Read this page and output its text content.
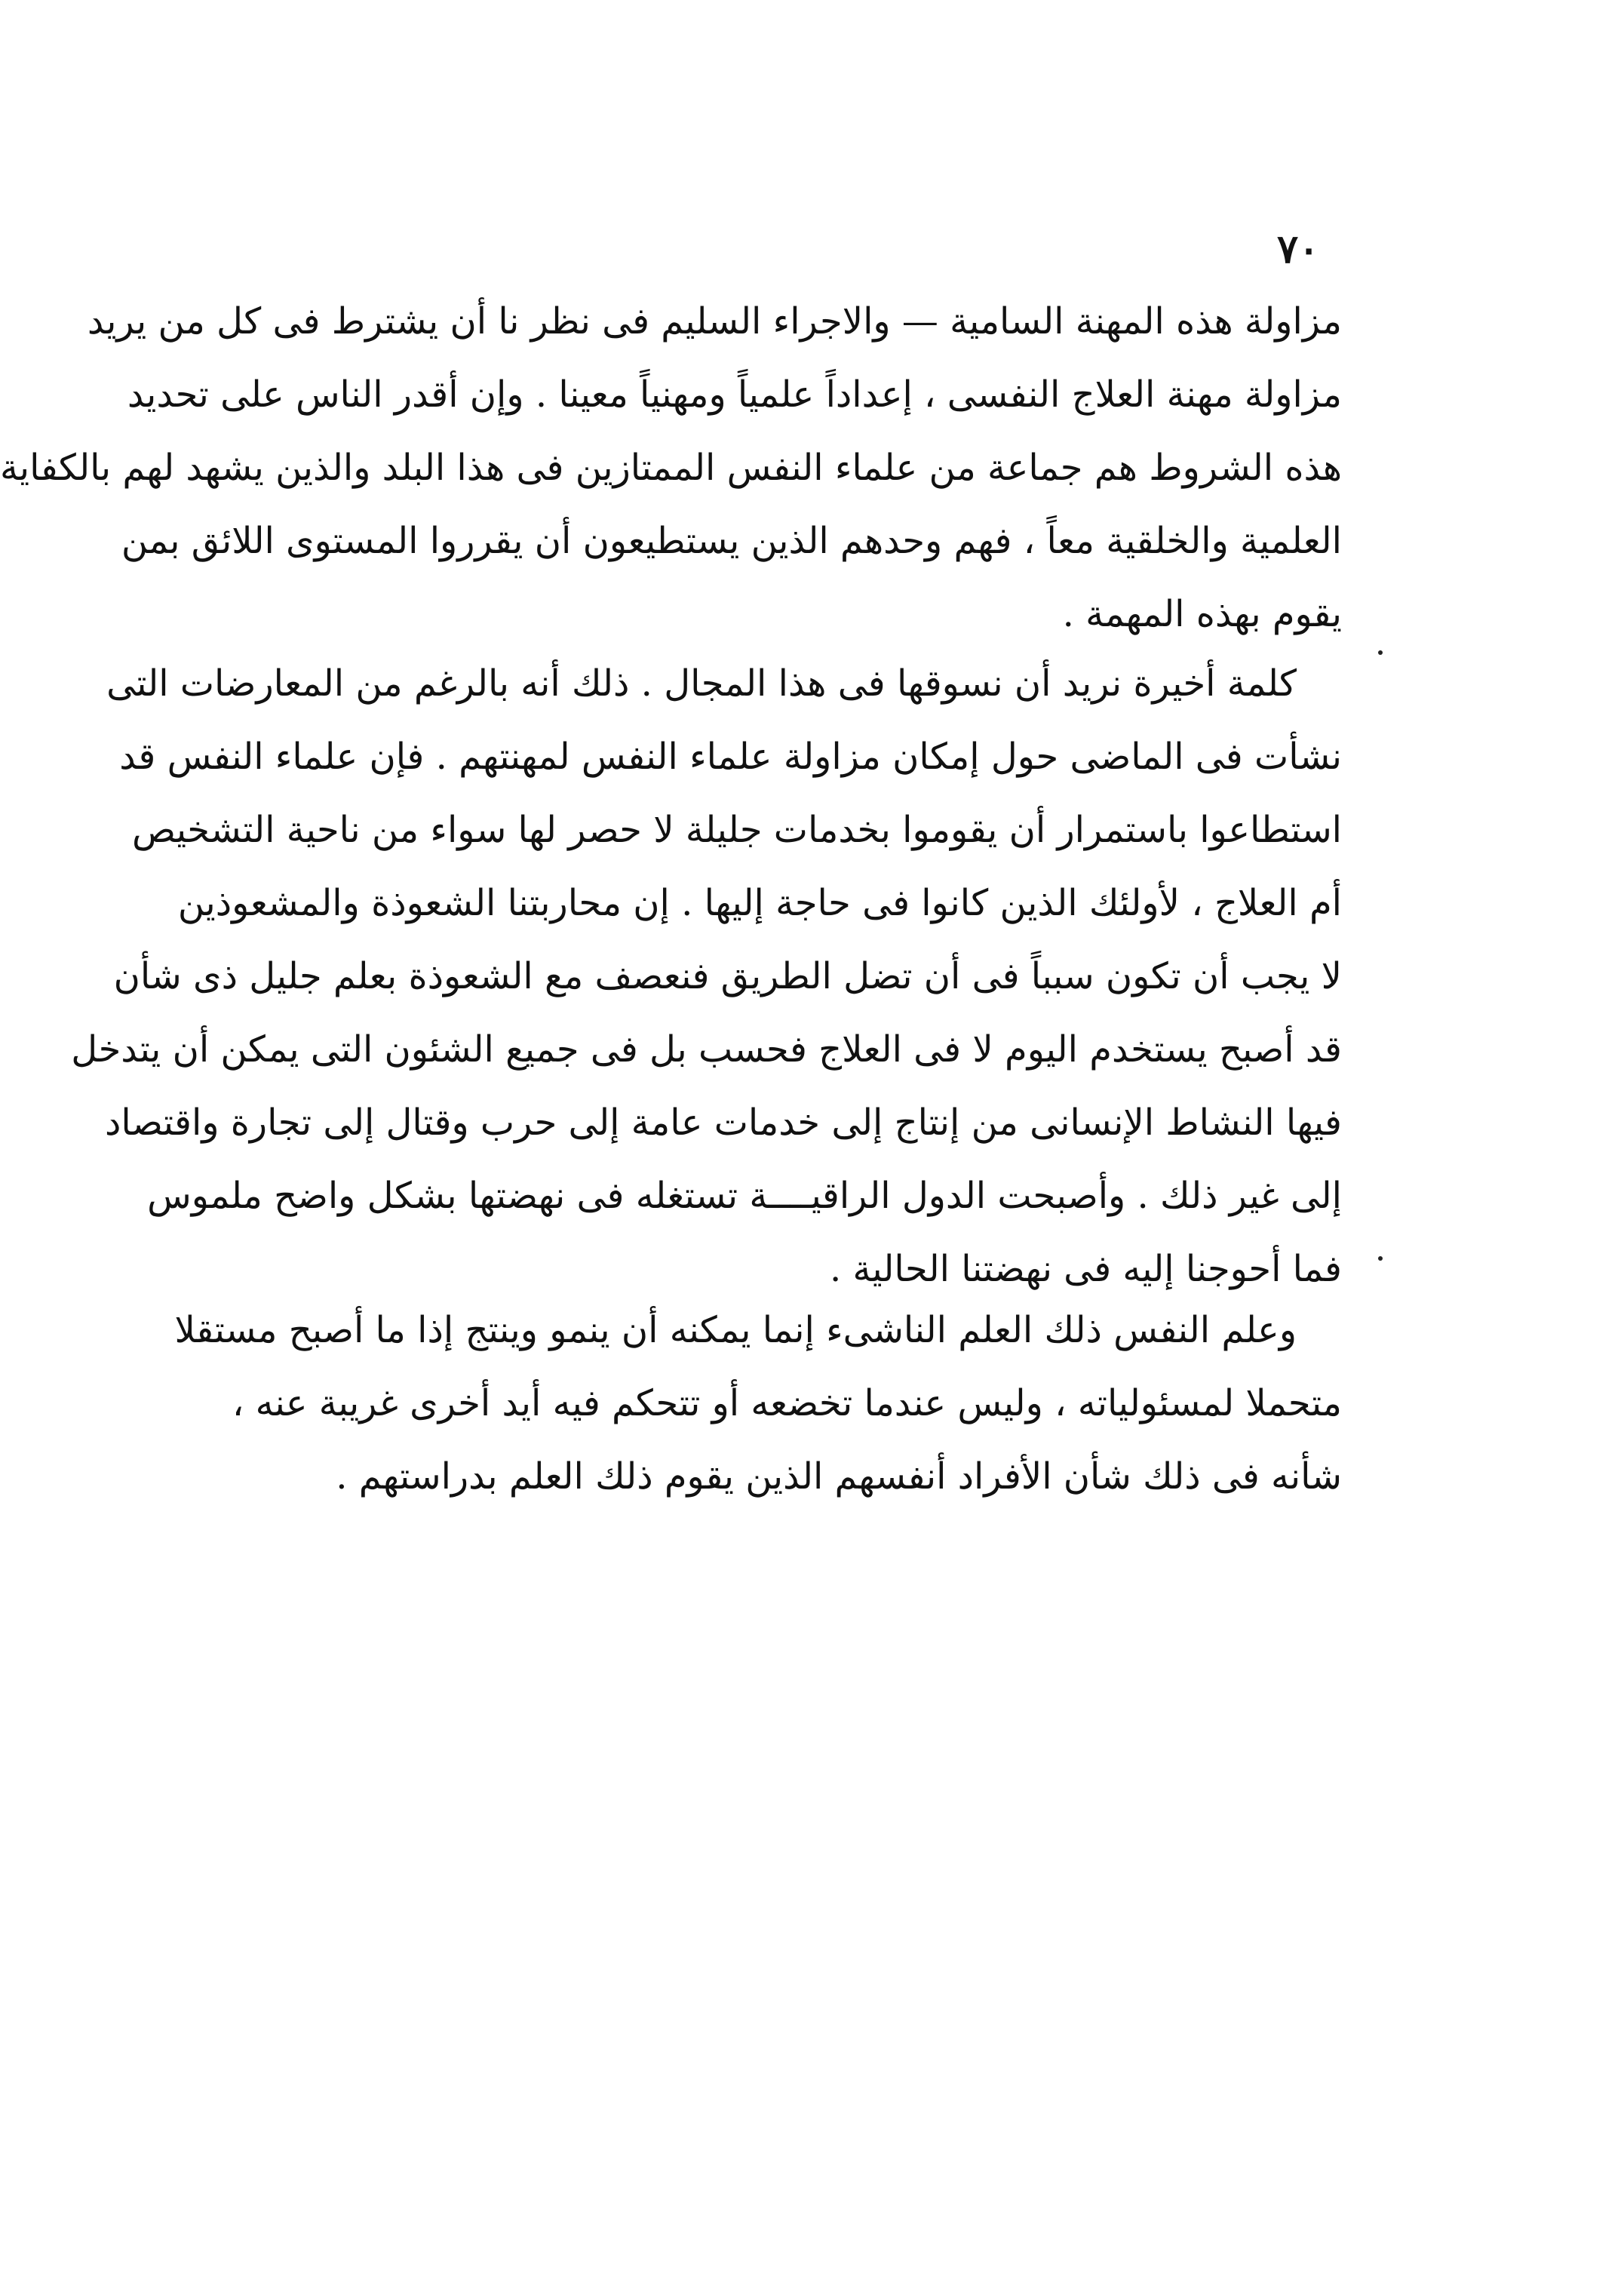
٧٠
مزاولة هذه المهنة السامية — والاجراء السليم فى نظر نا أن يشترط فى كل من يريد
مزاولة مهنة العلاج النفسى ، إعداداً علمياً ومهنياً معينا . وإن أقدر الناس على تحديد
هذه الشروط هم جماعة من علماء النفس الممتازين فى هذا البلد والذين يشهد لهم بالكفاية
العلمية والخلقية معاً ، فهم وحدهم الذين يستطيعون أن يقرروا المستوى اللائق بمن
يقوم بهذه المهمة .
كلمة أخيرة نريد أن نسوقها فى هذا المجال . ذلك أنه بالرغم من المعارضات التى
نشأت فى الماضى حول إمكان مزاولة علماء النفس لمهنتهم . فإن علماء النفس قد
استطاعوا باستمرار أن يقوموا بخدمات جليلة لا حصر لها سواء من ناحية التشخيص
أم العلاج ، لأولئك الذين كانوا فى حاجة إليها . إن محاربتنا الشعوذة والمشعوذين
لا يجب أن تكون سبباً فى أن تضل الطريق فنعصف مع الشعوذة بعلم جليل ذى شأن
قد أصبح يستخدم اليوم لا فى العلاج فحسب بل فى جميع الشئون التى يمكن أن يتدخل
فيها النشاط الإنسانى من إنتاج إلى خدمات عامة إلى حرب وقتال إلى تجارة واقتصاد
إلى غير ذلك . وأصبحت الدول الراقيــــة تستغله فى نهضتها بشكل واضح ملموس
فما أحوجنا إليه فى نهضتنا الحالية .
وعلم النفس ذلك العلم الناشىء إنما يمكنه أن ينمو وينتج إذا ما أصبح مستقلا
متحملا لمسئولياته ، وليس عندما تخضعه أو تتحكم فيه أيد أخرى غريبة عنه ،
شأنه فى ذلك شأن الأفراد أنفسهم الذين يقوم ذلك العلم بدراستهم .
